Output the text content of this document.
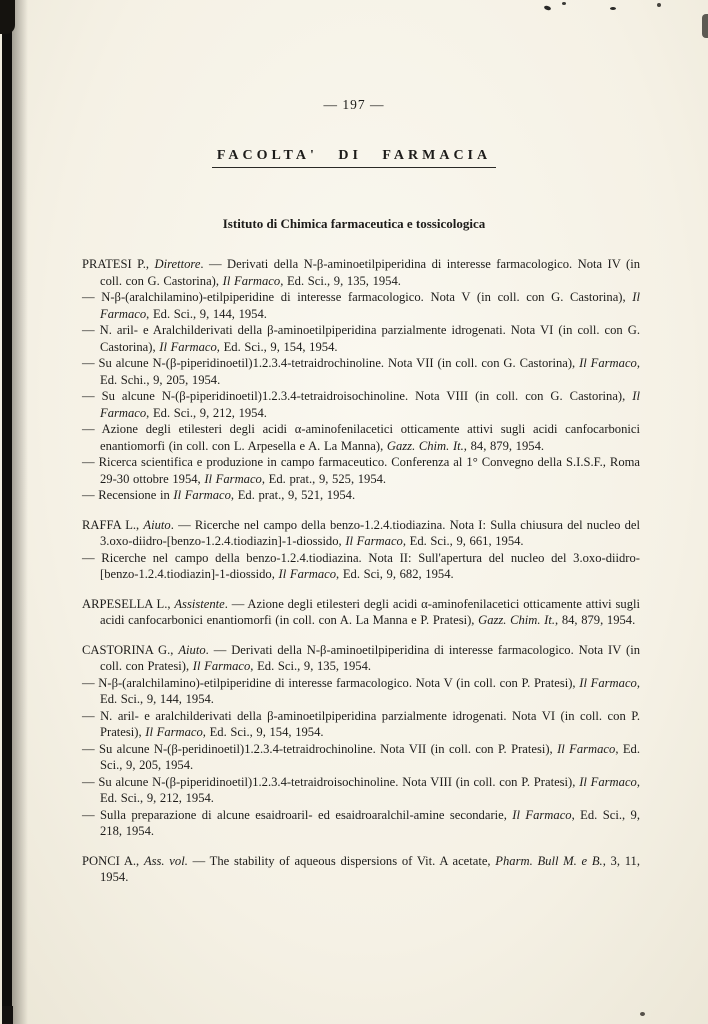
— 197 —
FACOLTA' DI FARMACIA
Istituto di Chimica farmaceutica e tossicologica

PRATESI P., Direttore. — Derivati della N-β-aminoetilpiperidina di interesse farmacologico. Nota IV (in coll. con G. Castorina), Il Farmaco, Ed. Sci., 9, 135, 1954.

— N-β-(aralchilamino)-etilpiperidine di interesse farmacologico. Nota V (in coll. con G. Castorina), Il Farmaco, Ed. Sci., 9, 144, 1954.

— N. aril- e Aralchilderivati della β-aminoetilpiperidina parzialmente idrogenati. Nota VI (in coll. con G. Castorina), Il Farmaco, Ed. Sci., 9, 154, 1954.

— Su alcune N-(β-piperidinoetil)1.2.3.4-tetraidrochinoline. Nota VII (in coll. con G. Castorina), Il Farmaco, Ed. Schi., 9, 205, 1954.

— Su alcune N-(β-piperidinoetil)1.2.3.4-tetraidroisochinoline. Nota VIII (in coll. con G. Castorina), Il Farmaco, Ed. Sci., 9, 212, 1954.

— Azione degli etilesteri degli acidi α-aminofenilacetici otticamente attivi sugli acidi canfocarbonici enantiomorfi (in coll. con L. Arpesella e A. La Manna), Gazz. Chim. It., 84, 879, 1954.

— Ricerca scientifica e produzione in campo farmaceutico. Conferenza al 1° Convegno della S.I.S.F., Roma 29-30 ottobre 1954, Il Farmaco, Ed. prat., 9, 525, 1954.

— Recensione in Il Farmaco, Ed. prat., 9, 521, 1954.

RAFFA L., Aiuto. — Ricerche nel campo della benzo-1.2.4.tiodiazina. Nota I: Sulla chiusura del nucleo del 3.oxo-diidro-[benzo-1.2.4.tiodiazin]-1-diossido, Il Farmaco, Ed. Sci., 9, 661, 1954.

— Ricerche nel campo della benzo-1.2.4.tiodiazina. Nota II: Sull'apertura del nucleo del 3.oxo-diidro-[benzo-1.2.4.tiodiazin]-1-diossido, Il Farmaco, Ed. Sci, 9, 682, 1954.

ARPESELLA L., Assistente. — Azione degli etilesteri degli acidi α-aminofenilacetici otticamente attivi sugli acidi canfocarbonici enantiomorfi (in coll. con A. La Manna e P. Pratesi), Gazz. Chim. It., 84, 879, 1954.

CASTORINA G., Aiuto. — Derivati della N-β-aminoetilpiperidina di interesse farmacologico. Nota IV (in coll. con Pratesi), Il Farmaco, Ed. Sci., 9, 135, 1954.

— N-β-(aralchilamino)-etilpiperidine di interesse farmacologico. Nota V (in coll. con P. Pratesi), Il Farmaco, Ed. Sci., 9, 144, 1954.

— N. aril- e aralchilderivati della β-aminoetilpiperidina parzialmente idrogenati. Nota VI (in coll. con P. Pratesi), Il Farmaco, Ed. Sci., 9, 154, 1954.

— Su alcune N-(β-peridinoetil)1.2.3.4-tetraidrochinoline. Nota VII (in coll. con P. Pratesi), Il Farmaco, Ed. Sci., 9, 205, 1954.

— Su alcune N-(β-piperidinoetil)1.2.3.4-tetraidroisochinoline. Nota VIII (in coll. con P. Pratesi), Il Farmaco, Ed. Sci., 9, 212, 1954.

— Sulla preparazione di alcune esaidroaril- ed esaidroaralchil-amine secondarie, Il Farmaco, Ed. Sci., 9, 218, 1954.

PONCI A., Ass. vol. — The stability of aqueous dispersions of Vit. A acetate, Pharm. Bull M. e B., 3, 11, 1954.
